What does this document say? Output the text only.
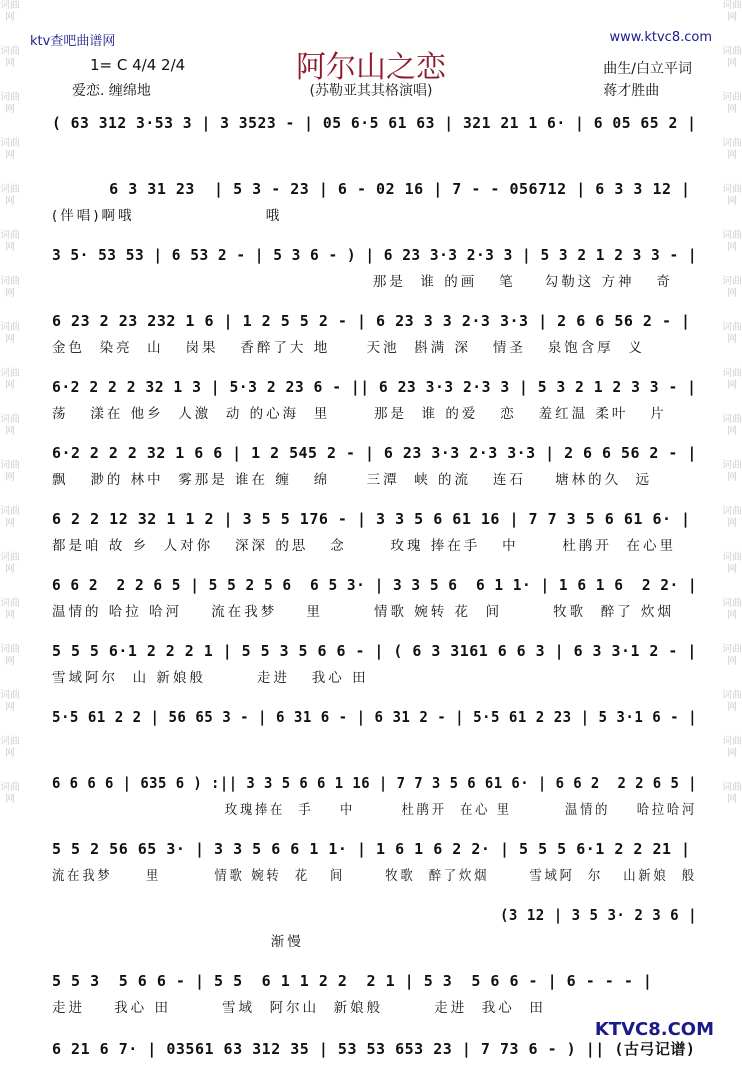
词曲网
词曲网
词曲网
词曲网
词曲网
词曲网
词曲网
词曲网
词曲网
词曲网
词曲网
词曲网
词曲网
词曲网
词曲网
词曲网
词曲网
词曲网
词曲网
词曲网
词曲网
词曲网
词曲网
词曲网
词曲网
词曲网
词曲网
词曲网
词曲网
词曲网
词曲网
词曲网
词曲网
词曲网
词曲网
词曲网
ktv查吧曲谱网	www.ktvc8.com
阿尔山之恋
(苏勒亚其其格演唱)
1= C 4/4 2/4
爱恋. 缠绵地
曲生/白立平词
蒋才胜曲
( 63 312 3·53 3 | 3 3523 - | 05 6·5 61 63 | 321 21 1 6· | 6 05 65 2 |
6 3 31 23  | 5 3 - 23 | 6 - 02 16 | 7 - - 056712 | 6 3 3 12 |
(伴唱)啊哦                  哦
3 5· 53 53 | 6 53 2 - | 5 3 6 - ) | 6 23 3·3 2·3 3 | 5 3 2 1 2 3 3 - |
那是  谁 的画   笔    勾勒这 方神   奇
6 23 2 23 232 1 6 | 1 2 5 5 2 - | 6 23 3 3 2·3 3·3 | 2 6 6 56 2 - |
金色  染亮  山   岗果   香醉了大 地     天池  斟满 深   情圣   泉饱含厚  义
6·2 2 2 2 32 1 3 | 5·3 2 23 6 - || 6 23 3·3 2·3 3 | 5 3 2 1 2 3 3 - |
荡   漾在 他乡  人激  动 的心海  里      那是  谁 的爱   恋   羞红温 柔叶   片
6·2 2 2 2 32 1 6 6 | 1 2 545 2 - | 6 23 3·3 2·3 3·3 | 2 6 6 56 2 - |
飘   渺的 林中  雾那是 谁在 缠   绵     三潭  峡 的流   连石    塘林的久  远
6 2 2 12 32 1 1 2 | 3 5 5 176 - | 3 3 5 6 61 16 | 7 7 3 5 6 61 6· |
都是咱 故 乡  人对你   深深 的思   念      玫瑰 捧在手   中      杜鹃开  在心里
6 6 2  2 2 6 5 | 5 5 2 5 6  6 5 3· | 3 3 5 6  6 1 1· | 1 6 1 6  2 2· |
温情的 哈拉 哈河    流在我梦    里       情歌 婉转 花  间       牧歌  醉了 炊烟
5 5 5 6·1 2 2 2 1 | 5 5 3 5 6 6 - | ( 6 3 3161 6 6 3 | 6 3 3·1 2 - |
雪域阿尔  山 新娘般       走进   我心 田
5·5 61 2 2 | 56 65 3 - | 6 31 6 - | 6 31 2 - | 5·5 61 2 23 | 5 3·1 6 - |
6 6 6 6 | 635 6 ) :|| 3 3 5 6 6 1 16 | 7 7 3 5 6 61 6· | 6 6 2  2 2 6 5 |
玫瑰捧在  手    中       杜鹃开  在心 里        温情的    哈拉哈河
5 5 2 56 65 3· | 3 3 5 6 6 1 1· | 1 6 1 6 2 2· | 5 5 5 6·1 2 2 21 |
流在我梦     里        情歌 婉转  花   间      牧歌  醉了炊烟      雪域阿  尔   山新娘  般
(3 12 | 3 5 3· 2 3 6 |
渐慢
5 5 3  5 6 6 - | 5 5  6 1 1 2 2  2 1 | 5 3  5 6 6 - | 6 - - - |
走进    我心 田       雪域  阿尔山  新娘般       走进  我心  田
6 21 6 7· | 03561 63 312 35 | 53 53 653 23 | 7 73 6 - ) || (古弓记谱)
KTVC8.COM
